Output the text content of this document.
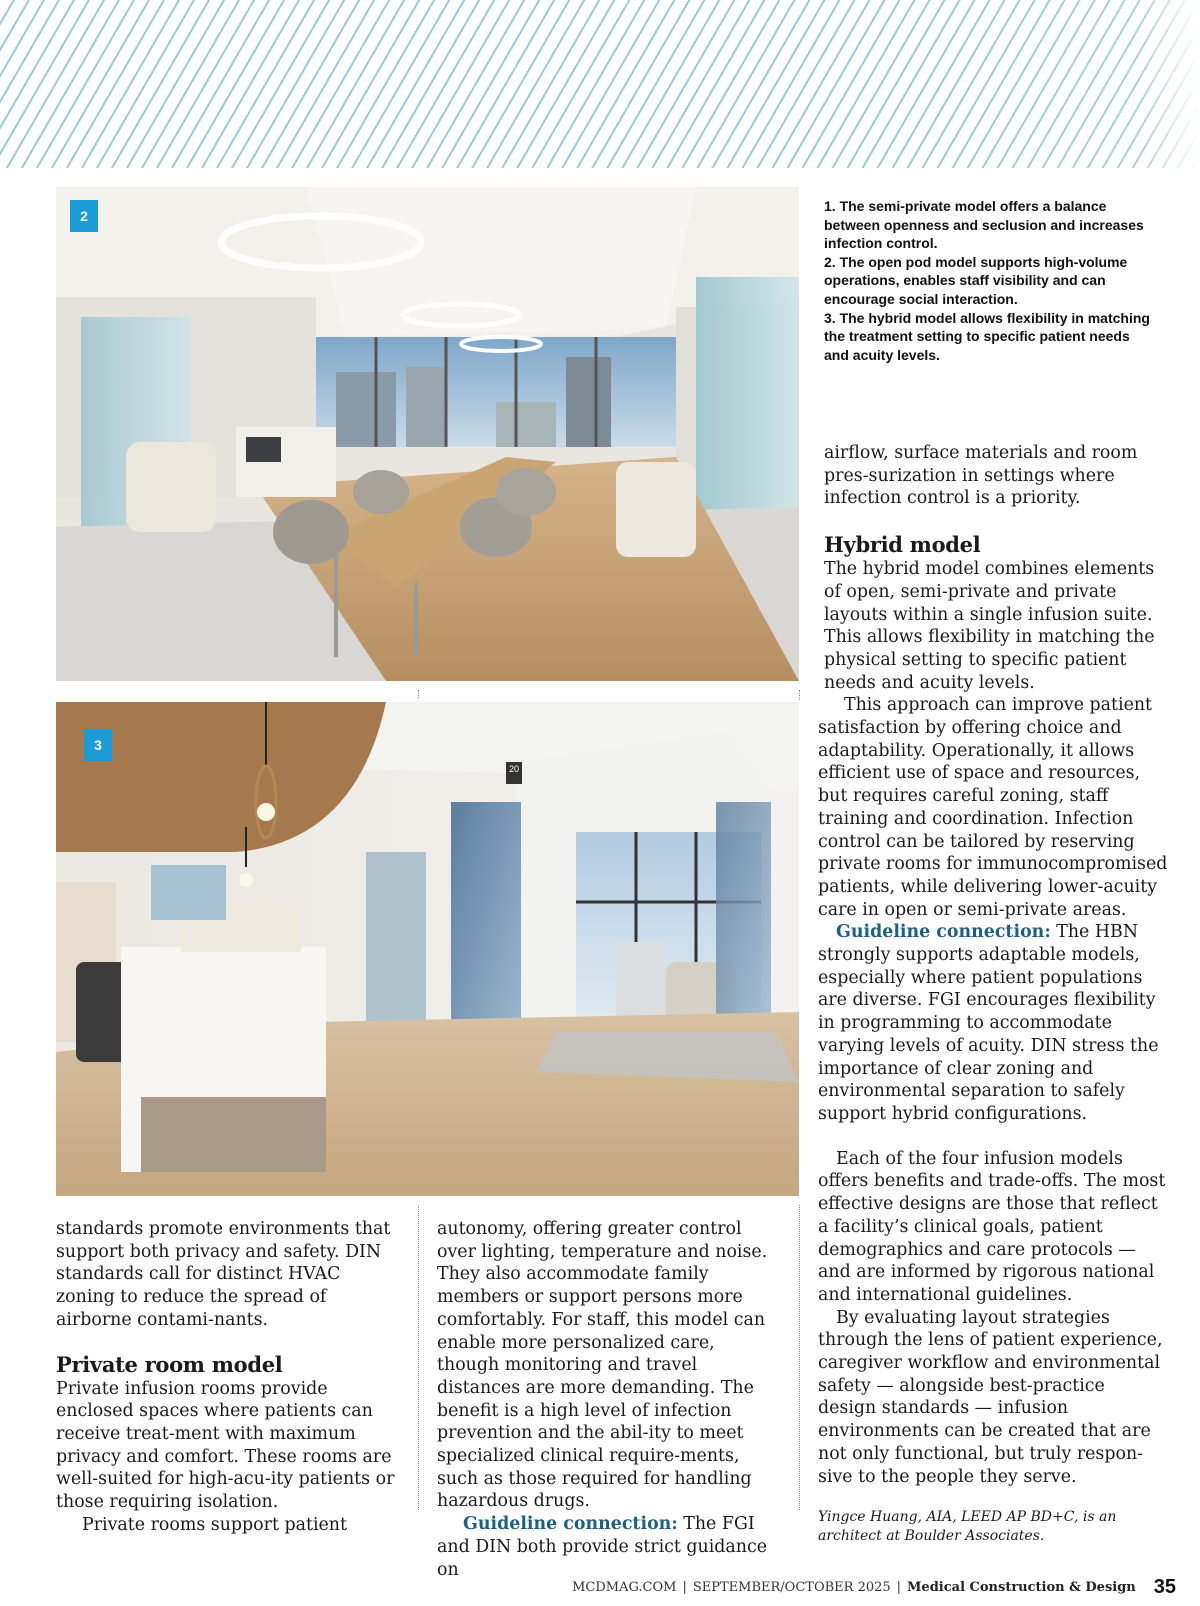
2
3
20

1. The semi-private model offers a balance between openness and seclusion and increases infection control.

2. The open pod model supports high-volume operations, enables staff visibility and can encourage social interaction.

3. The hybrid model allows flexibility in matching the treatment setting to specific patient needs and acuity levels.

standards promote environments that support both privacy and safety. DIN standards call for distinct HVAC zoning to reduce the spread of airborne contami-nants.

Private room model

Private infusion rooms provide enclosed spaces where patients can receive treat-ment with maximum privacy and comfort. These rooms are well-suited for high-acu-ity patients or those requiring isolation.

Private rooms support patient

autonomy, offering greater control over lighting, temperature and noise. They also accommodate family members or support persons more comfortably. For staff, this model can enable more personalized care, though monitoring and travel distances are more demanding. The benefit is a high level of infection prevention and the abil-ity to meet specialized clinical require-ments, such as those required for handling hazardous drugs.

Guideline connection: The FGI and DIN both provide strict guidance on

airflow, surface materials and room pres-surization in settings where infection control is a priority.

Hybrid model

The hybrid model combines elements of open, semi-private and private layouts within a single infusion suite. This allows flexibility in matching the physical setting to specific patient needs and acuity levels.

This approach can improve patient satisfaction by offering choice and adaptability. Operationally, it allows efficient use of space and resources, but requires careful zoning, staff training and coordination. Infection control can be tailored by reserving private rooms for immunocompromised patients, while delivering lower-acuity care in open or semi-private areas.

Guideline connection: The HBN strongly supports adaptable models, especially where patient populations are diverse. FGI encourages flexibility in programming to accommodate varying levels of acuity. DIN stress the importance of clear zoning and environmental separation to safely support hybrid configurations.

Each of the four infusion models offers benefits and trade-offs. The most effective designs are those that reflect a facility’s clinical goals, patient demographics and care protocols — and are informed by rigorous national and international guidelines.

By evaluating layout strategies through the lens of patient experience, caregiver workflow and environmental safety — alongside best-practice design standards — infusion environments can be created that are not only functional, but truly respon-sive to the people they serve.

Yingce Huang, AIA, LEED AP BD+C, is an architect at Boulder Associates.

MCDMAG.COM | SEPTEMBER/OCTOBER 2025 | Medical Construction & Design 35
